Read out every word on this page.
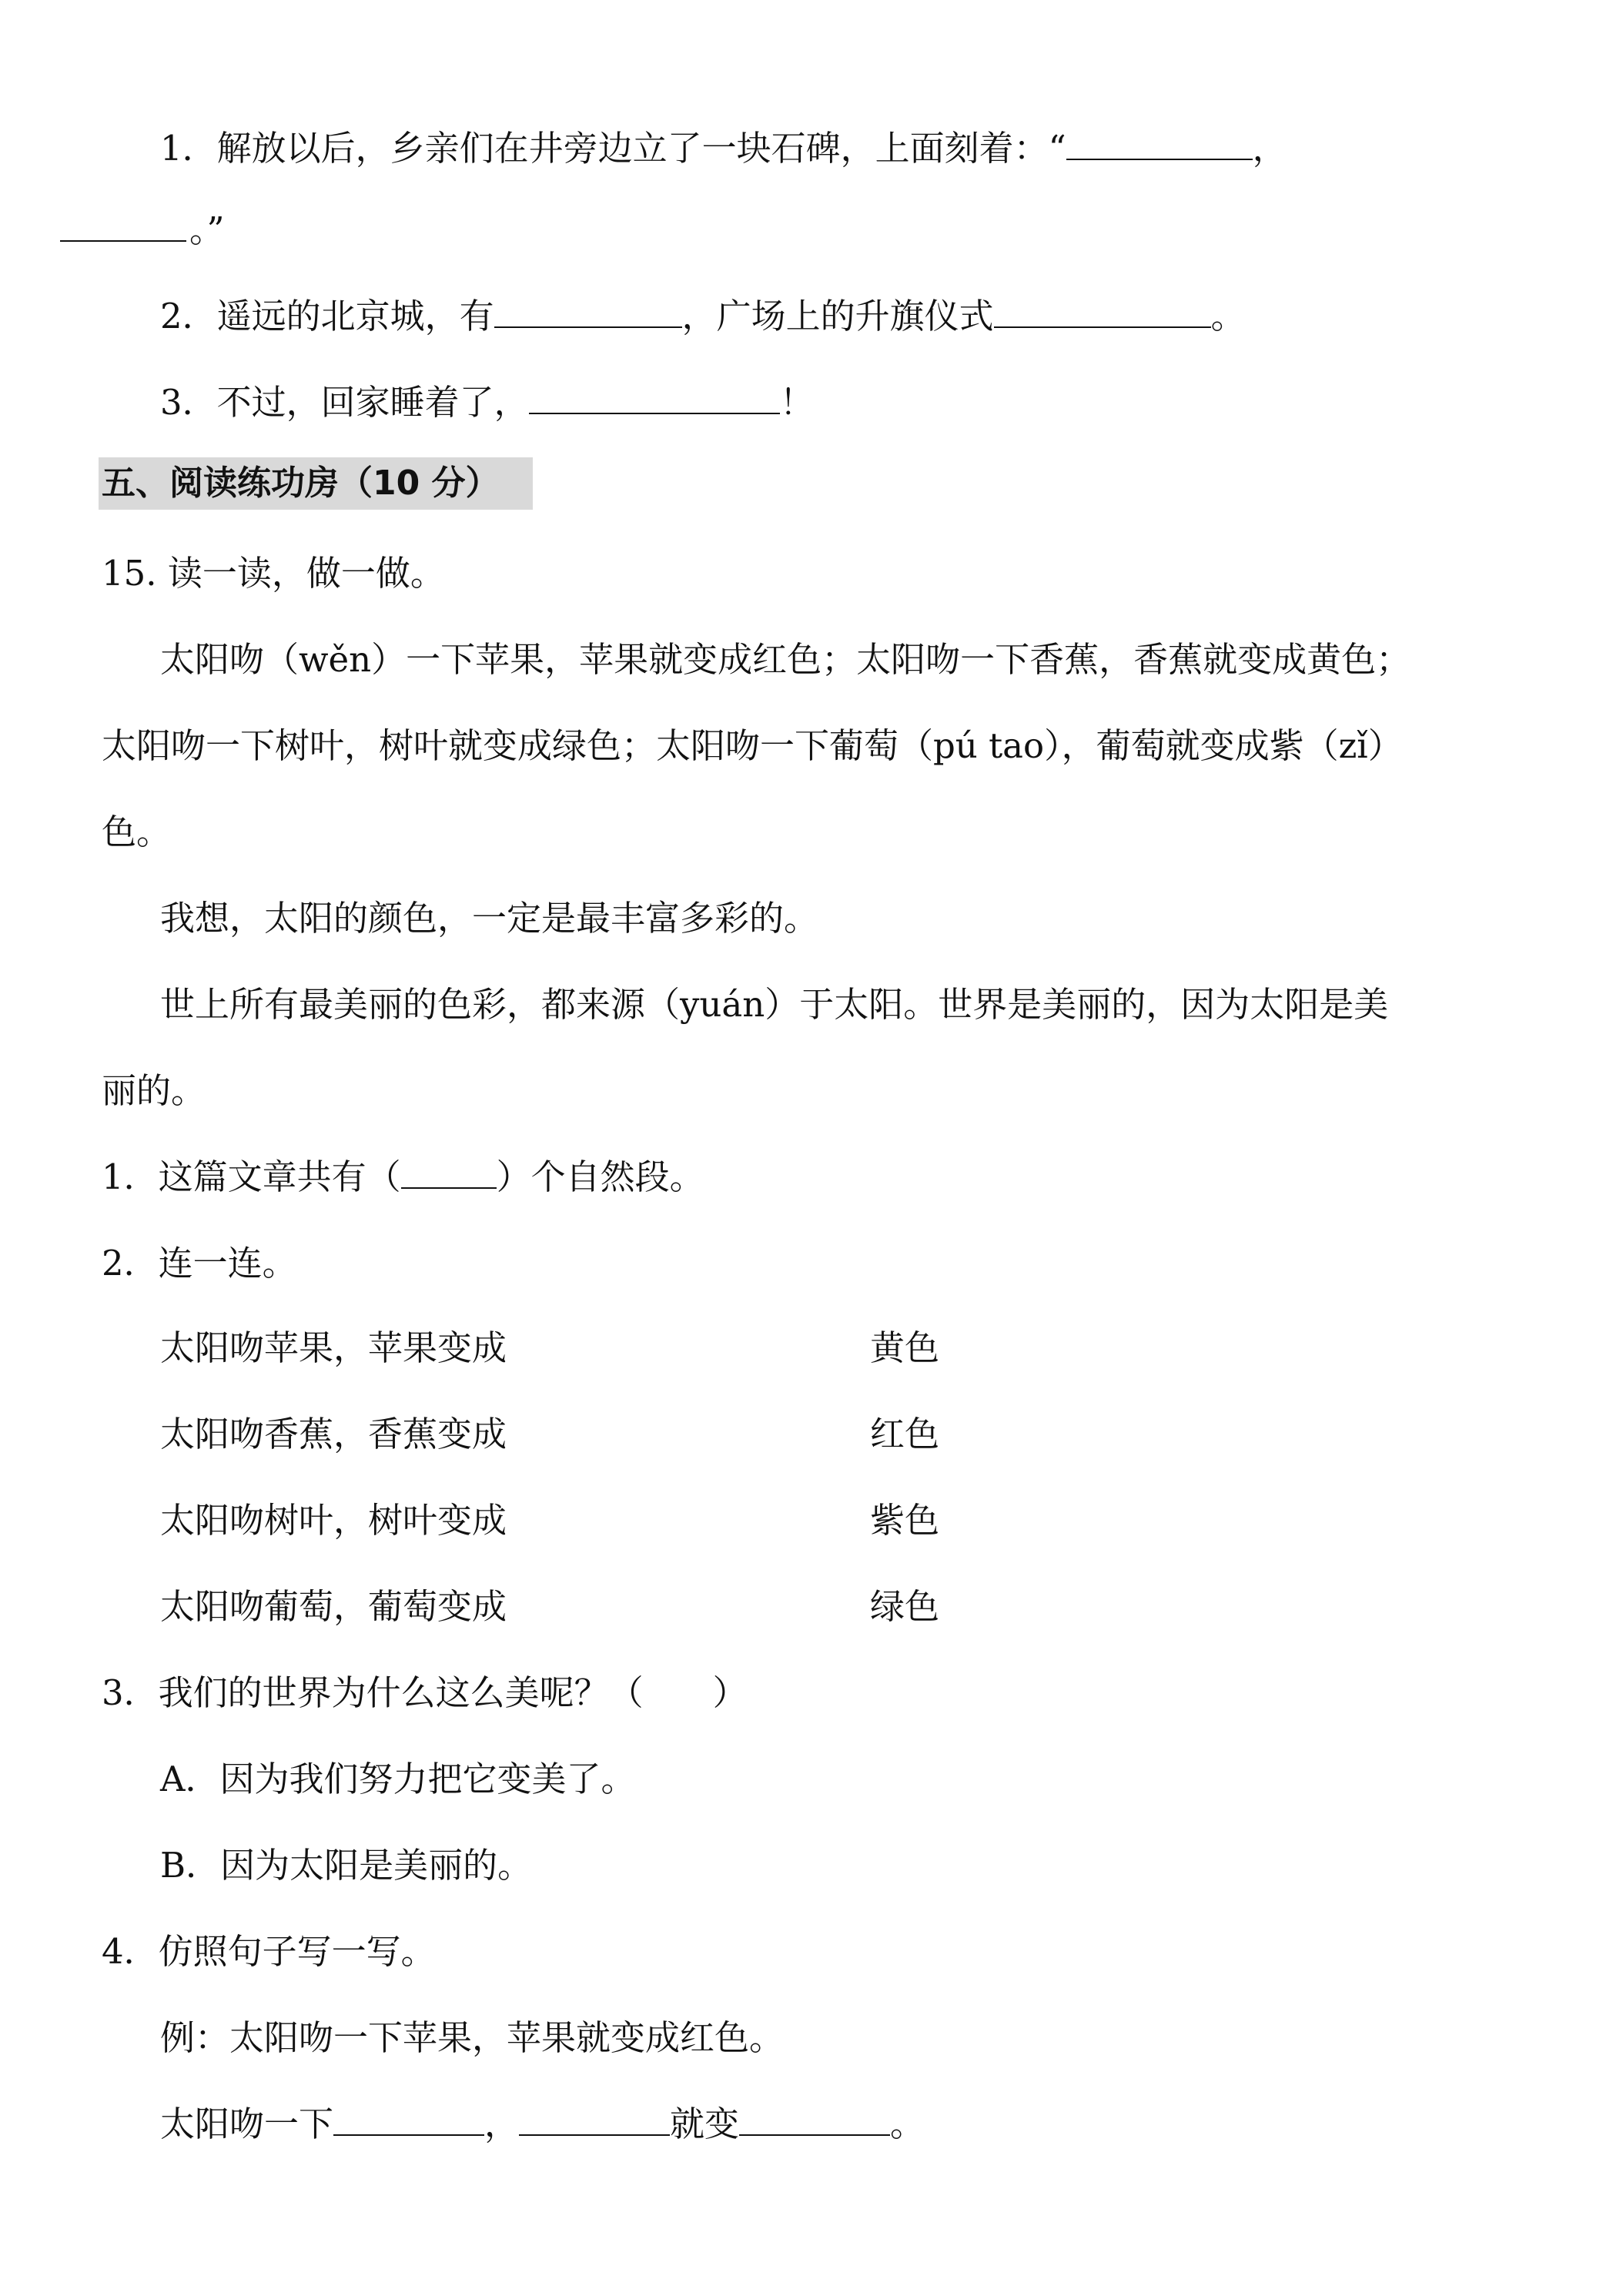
1．解放以后，乡亲们在井旁边立了一块石碑，上面刻着：“	，
。”
2．遥远的北京城，有	，广场上的升旗仪式	。
3．不过，回家睡着了，	！
五、阅读练功房（10 分）
15. 读一读，做一做。
太阳吻（wěn）一下苹果，苹果就变成红色；太阳吻一下香蕉，香蕉就变成黄色；
太阳吻一下树叶，树叶就变成绿色；太阳吻一下葡萄（pú tao），葡萄就变成紫（zǐ）
色。
我想，太阳的颜色，一定是最丰富多彩的。
世上所有最美丽的色彩，都来源（yuán）于太阳。世界是美丽的，因为太阳是美
丽的。
1．这篇文章共有（	）个自然段。
2．连一连。
太阳吻苹果，苹果变成	黄色
太阳吻香蕉，香蕉变成	红色
太阳吻树叶，树叶变成	紫色
太阳吻葡萄，葡萄变成	绿色
3．我们的世界为什么这么美呢？（　　）
A．因为我们努力把它变美了。
B．因为太阳是美丽的。
4．仿照句子写一写。
例：太阳吻一下苹果，苹果就变成红色。
太阳吻一下	，	就变	。
